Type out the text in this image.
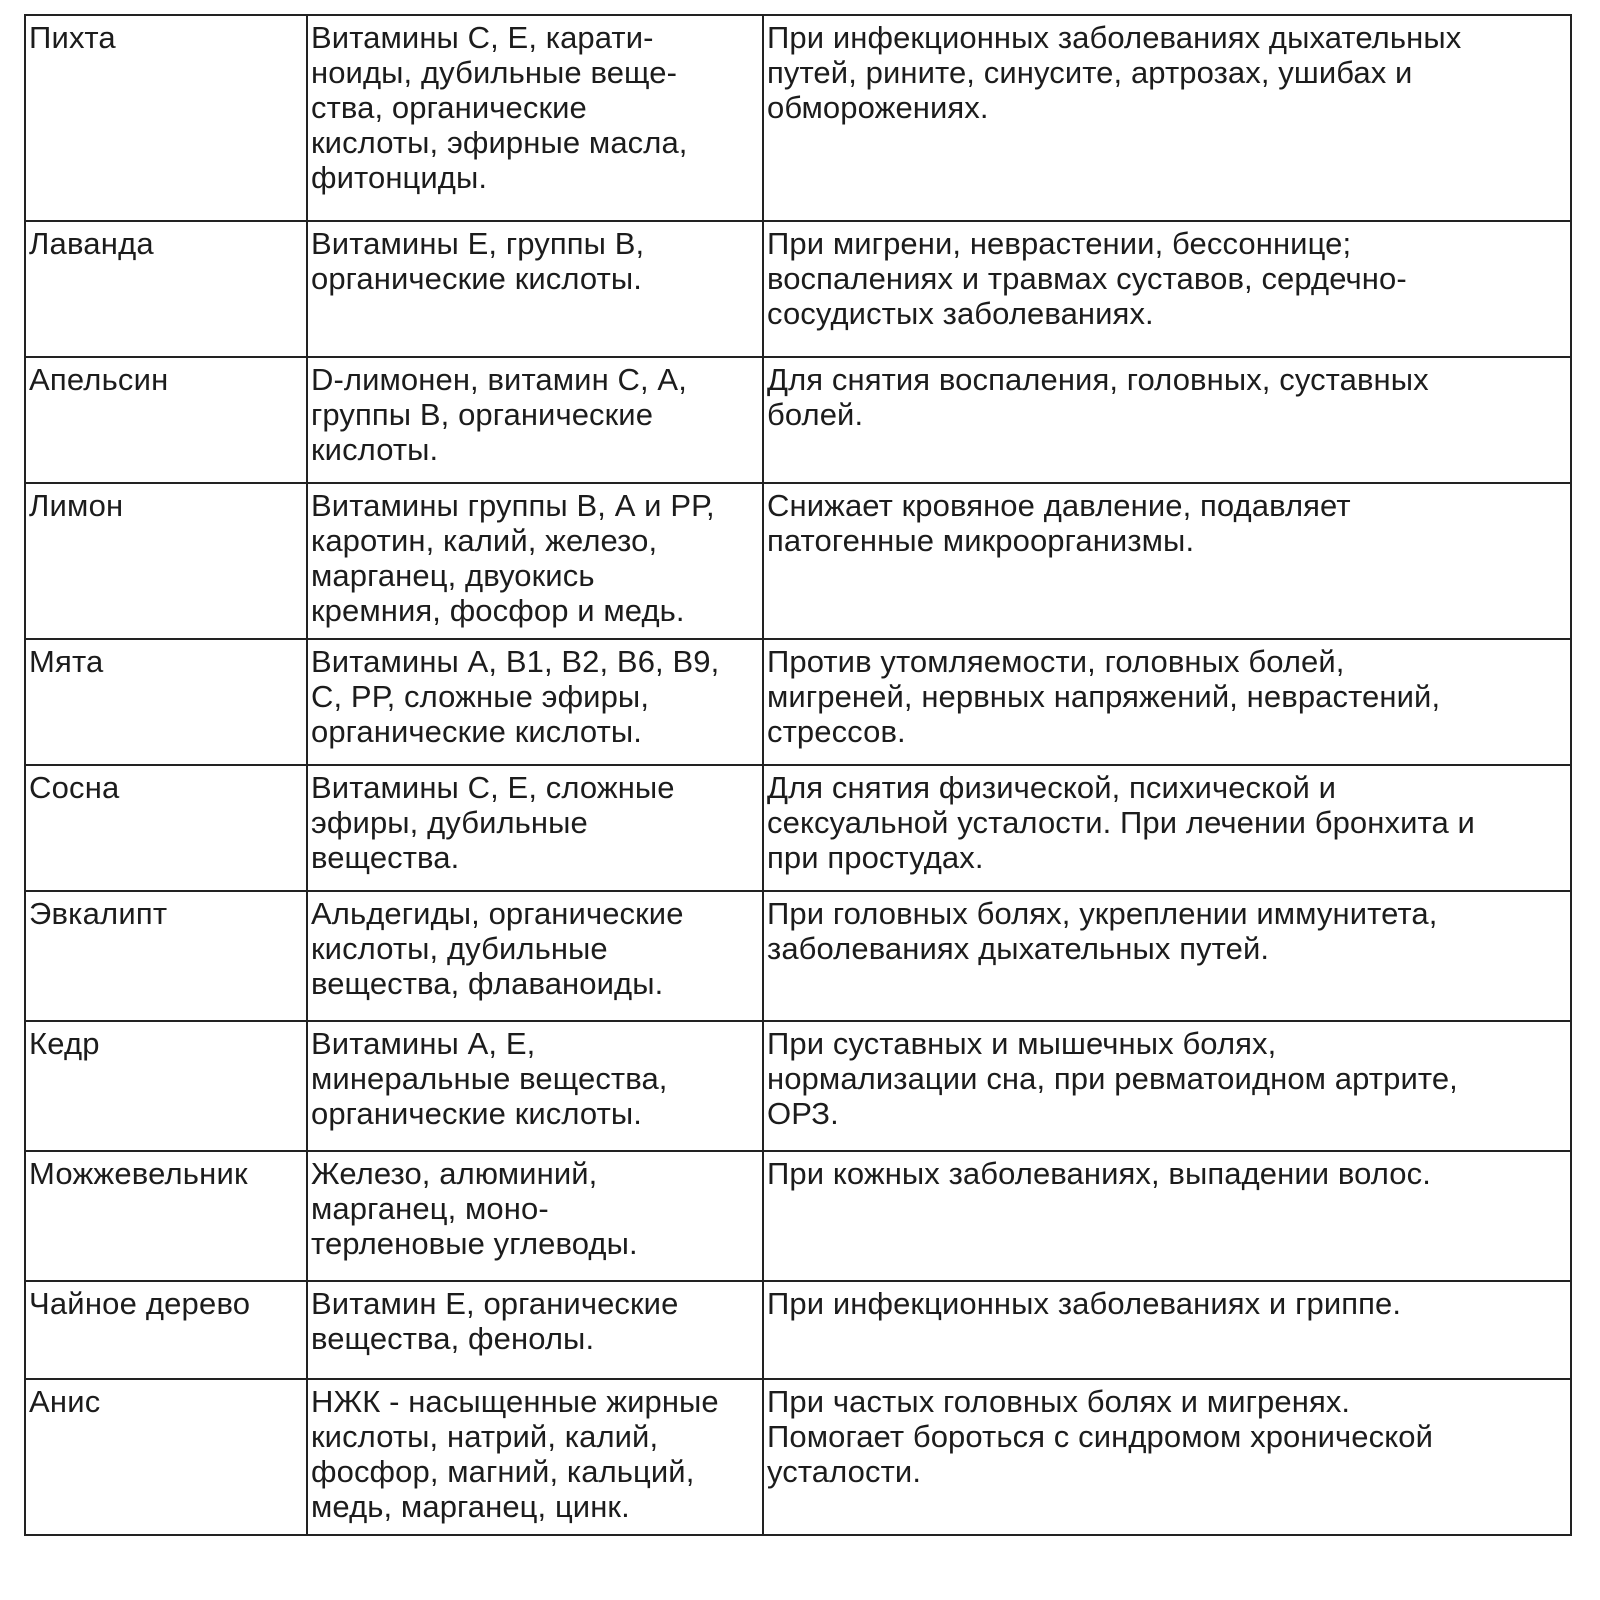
Пихта	Витамины С, Е, карати-
ноиды, дубильные веще-
ства, органические
кислоты, эфирные масла,
фитонциды.	При инфекционных заболеваниях дыхательных
путей, рините, синусите, артрозах, ушибах и
обморожениях.

Лаванда	Витамины Е, группы В,
органические кислоты.	При мигрени, неврастении, бессоннице;
воспалениях и травмах суставов, сердечно-
сосудистых заболеваниях.

Апельсин	D-лимонен, витамин С, А,
группы В, органические
кислоты.	Для снятия воспаления, головных, суставных
болей.

Лимон	Витамины группы В, А и РР,
каротин, калий, железо,
марганец, двуокись
кремния, фосфор и медь.	Снижает кровяное давление, подавляет
патогенные микроорганизмы.

Мята	Витамины А, В1, В2, В6, В9,
С, РР, сложные эфиры,
органические кислоты.	Против утомляемости, головных болей,
мигреней, нервных напряжений, неврастений,
стрессов.

Сосна	Витамины С, Е, сложные
эфиры, дубильные
вещества.	Для снятия физической, психической и
сексуальной усталости. При лечении бронхита и
при простудах.

Эвкалипт	Альдегиды, органические
кислоты, дубильные
вещества, флаваноиды.	При головных болях, укреплении иммунитета,
заболеваниях дыхательных путей.

Кедр	Витамины А, Е,
минеральные вещества,
органические кислоты.	При суставных и мышечных болях,
нормализации сна, при ревматоидном артрите,
ОРЗ.

Можжевельник	Железо, алюминий,
марганец, моно-
терленовые углеводы.	При кожных заболеваниях, выпадении волос.

Чайное дерево	Витамин Е, органические
вещества, фенолы.	При инфекционных заболеваниях и гриппе.

Анис	НЖК - насыщенные жирные
кислоты, натрий, калий,
фосфор, магний, кальций,
медь, марганец, цинк.	При частых головных болях и мигренях.
Помогает бороться с синдромом хронической
усталости.
